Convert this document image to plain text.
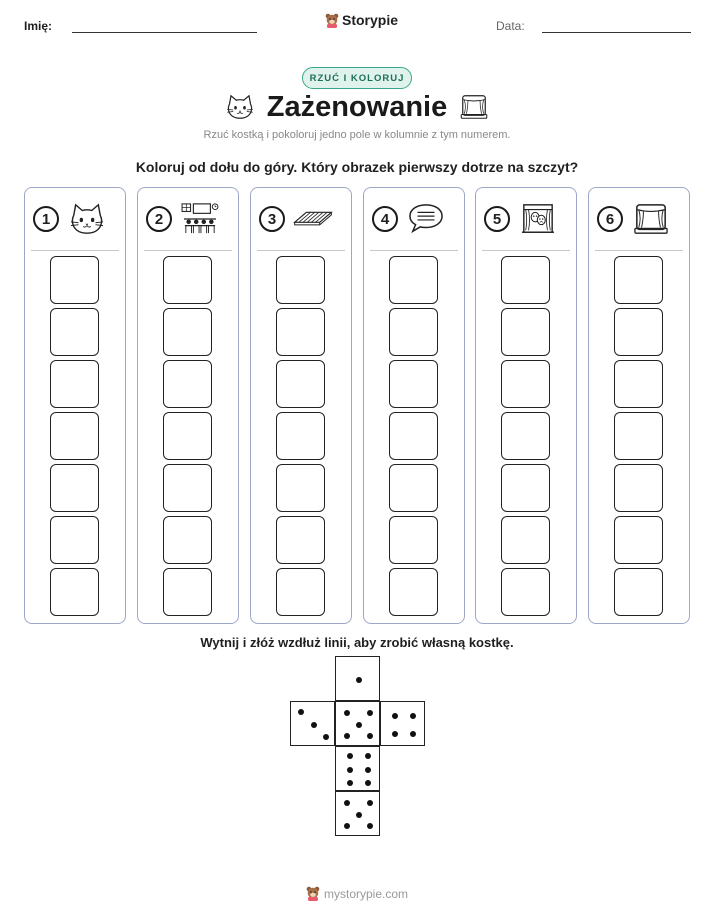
Imię:	Storypie	Data:
RZUĆ I KOLORUJ
Zażenowanie
Rzuć kostką i pokoloruj jedno pole w kolumnie z tym numerem.
Koloruj od dołu do góry. Który obrazek pierwszy dotrze na szczyt?
1	2	3	4	5	6
Wytnij i złóż wzdłuż linii, aby zrobić własną kostkę.
mystorypie.com
